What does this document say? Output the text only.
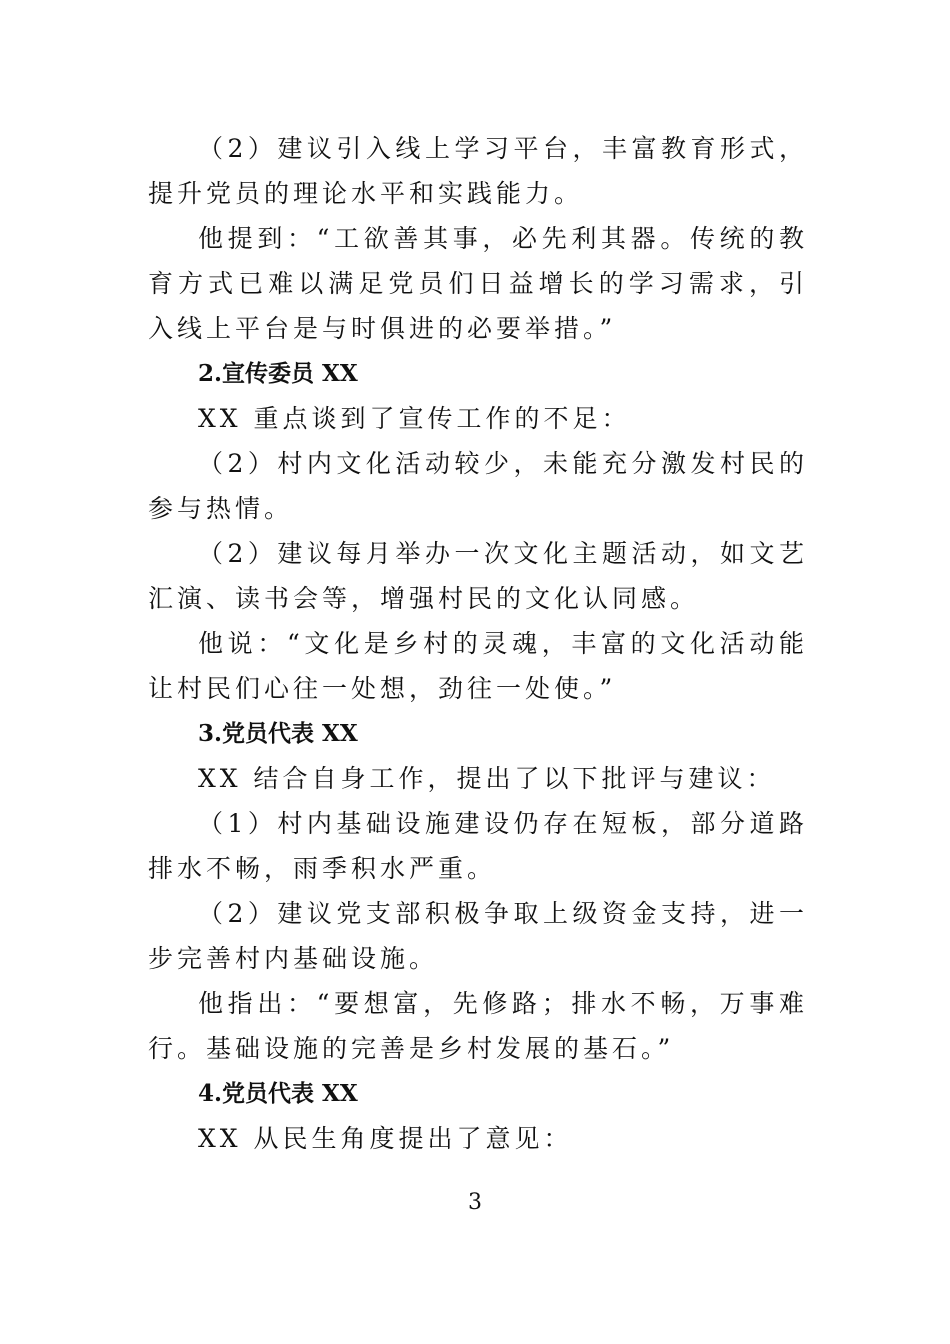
（2）建议引入线上学习平台，丰富教育形式，提升党员的理论水平和实践能力。

他提到：“工欲善其事，必先利其器。传统的教育方式已难以满足党员们日益增长的学习需求，引入线上平台是与时俱进的必要举措。”

2.宣传委员 XX

XX 重点谈到了宣传工作的不足：

（2）村内文化活动较少，未能充分激发村民的参与热情。

（2）建议每月举办一次文化主题活动，如文艺汇演、读书会等，增强村民的文化认同感。

他说：“文化是乡村的灵魂，丰富的文化活动能让村民们心往一处想，劲往一处使。”

3.党员代表 XX

XX 结合自身工作，提出了以下批评与建议：

（1）村内基础设施建设仍存在短板，部分道路排水不畅，雨季积水严重。

（2）建议党支部积极争取上级资金支持，进一步完善村内基础设施。

他指出：“要想富，先修路；排水不畅，万事难行。基础设施的完善是乡村发展的基石。”

4.党员代表 XX

XX 从民生角度提出了意见：

3
